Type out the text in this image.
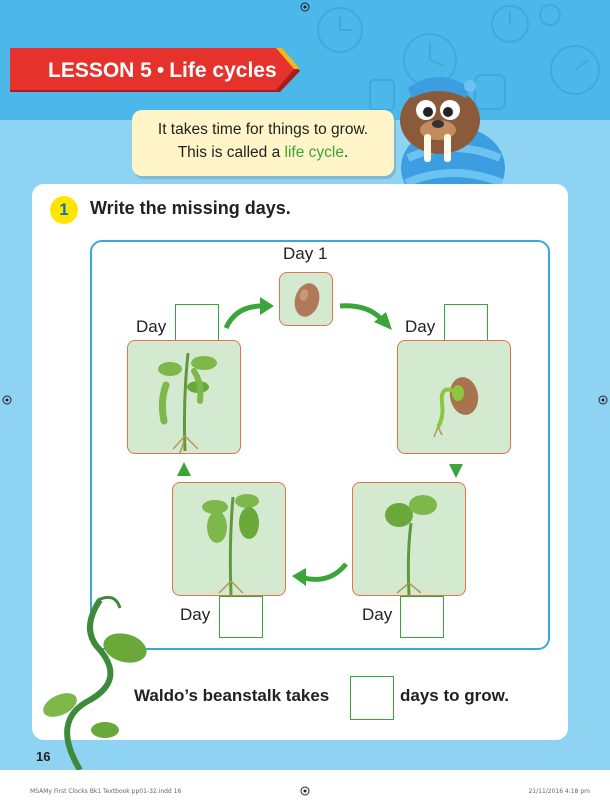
LESSON 5 • Life cycles
It takes time for things to grow.
This is called a life cycle.
1	Write the missing days.
Day 1
Day	Day
Day	Day
Waldo’s beanstalk takes	days to grow.
16
MSAMy First Clocks Bk1 Textbook pp01-32.indd 16	21/11/2016 4:18 pm
